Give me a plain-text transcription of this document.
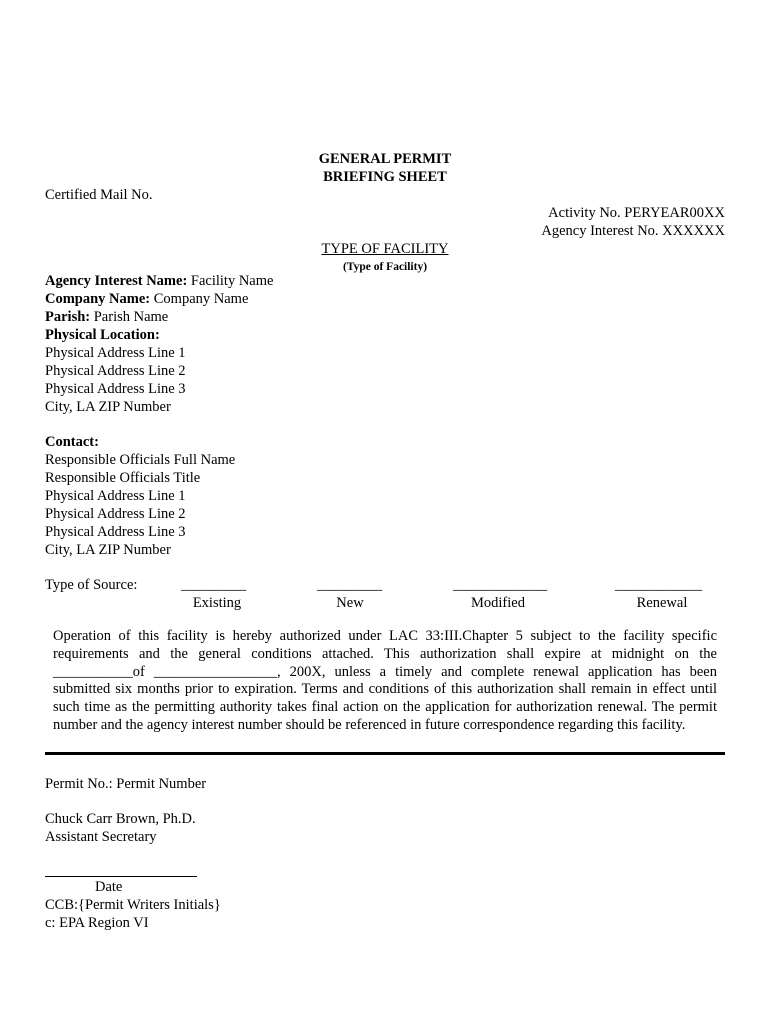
GENERAL PERMIT
BRIEFING SHEET
Certified Mail No.
Activity No. PERYEAR00XX
Agency Interest No. XXXXXX
TYPE OF FACILITY
(Type of Facility)
Agency Interest Name: Facility Name
Company Name: Company Name
Parish: Parish Name
Physical Location:
Physical Address Line 1
Physical Address Line 2
Physical Address Line 3
City, LA ZIP Number
Contact:
Responsible Officials Full Name
Responsible Officials Title
Physical Address Line 1
Physical Address Line 2
Physical Address Line 3
City, LA ZIP Number
Type of Source:	_________	_________	_____________	____________
Existing	New	Modified	Renewal
Operation of this facility is hereby authorized under LAC 33:III.Chapter 5 subject to the facility specific requirements and the general conditions attached. This authorization shall expire at midnight on the ___________of _________________, 200X, unless a timely and complete renewal application has been submitted six months prior to expiration. Terms and conditions of this authorization shall remain in effect until such time as the permitting authority takes final action on the application for authorization renewal. The permit number and the agency interest number should be referenced in future correspondence regarding this facility.
Permit No.: Permit Number
Chuck Carr Brown, Ph.D.
Assistant Secretary
Date
CCB:{Permit Writers Initials}
c: EPA Region VI
